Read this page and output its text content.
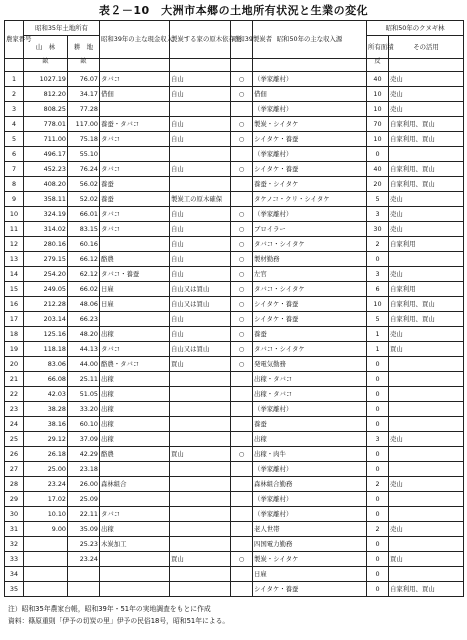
表２－10　大洲市本郷の土地所有状況と生業の変化
農家番号	昭和35年土地所有		昭和39年の主な現金収入	製炭する家の原木依存先	昭和39製炭者	昭和50年の主な収入源	昭和50年のクヌギ林	
	山　林	耕　地					所有面積	その活用
	畝	畝					反	
1	1027.19	76.07	タバコ	自山	○	（挙家離村）	40	売山
2	812.20	34.17	借佃	自山	○	借佃	10	売山
3	808.25	77.28				（挙家離村）	10	売山
4	778.01	117.00	養蚕・タバコ	自山	○	製炭・シイタケ	70	自家利用、買山
5	711.00	75.18	タバコ	自山	○	シイタケ・養蚕	10	自家利用、買山
6	496.17	55.10				（挙家離村）	0	
7	452.23	76.24	タバコ	自山	○	シイタケ・養蚕	40	自家利用、買山
8	408.20	56.02	養蚕			養蚕・シイタケ	20	自家利用、買山
9	358.11	52.02	養蚕	製炭工の原木確保		タケノコ・クリ・シイタケ	5	売山
10	324.19	66.01	タバコ	自山	○	（挙家離村）	3	売山
11	314.02	83.15	タバコ	自山	○	ブロイラー	30	売山
12	280.16	60.16		自山	○	タバコ・シイタケ	2	自家利用
13	279.15	66.12	酪農	自山	○	製材勤務	0	
14	254.20	62.12	タバコ・養蚕	自山	○	左官	3	売山
15	249.05	66.02	日雇	自山又は買山	○	タバコ・シイタケ	6	自家利用
16	212.28	48.06	日雇	自山又は買山	○	シイタケ・養蚕	10	自家利用、買山
17	203.14	66.23		自山	○	シイタケ・養蚕	5	自家利用、買山
18	125.16	48.20	出稼	自山	○	養蚕	1	売山
19	118.18	44.13	タバコ	自山又は買山	○	タバコ・シイタケ	1	買山
20	83.06	44.00	酪農・タバコ	買山	○	発電気勤務	0	
21	66.08	25.11	出稼			出稼・タバコ	0	
22	42.03	51.05	出稼			出稼・タバコ	0	
23	38.28	33.20	出稼			（挙家離村）	0	
24	38.16	60.10	出稼			養蚕	0	
25	29.12	37.09	出稼			出稼	3	売山
26	26.18	42.29	酪農	買山	○	出稼・肉牛	0	
27	25.00	23.18				（挙家離村）	0	
28	23.24	26.00	森林組合			森林組合勤務	2	売山
29	17.02	25.09				（挙家離村）	0	
30	10.10	22.11	タバコ			（挙家離村）	0	
31	9.00	35.09	出稼			老人世帯	2	売山
32		25.23	木炭加工			四国電力勤務	0	
33		23.24		買山	○	製炭・シイタケ	0	買山
34						日雇	0	
35						シイタケ・養蚕	0	自家利用、買山
注）昭和35年農家台帳，昭和39年・51年の実地調査をもとに作成
資料：篠原重則「伊予の切炭の里」伊予の民俗18号，昭和51年による。
